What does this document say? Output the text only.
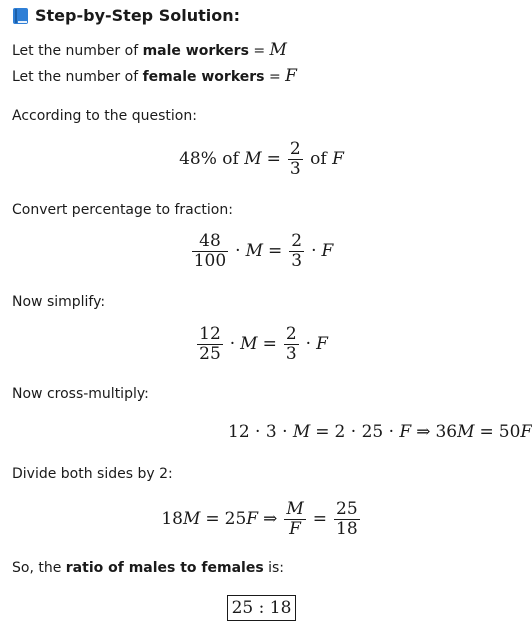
Step-by-Step Solution:
Let the number of male workers = M
Let the number of female workers = F
According to the question:
48% of $M = \frac{2}{3}$ of F
Convert percentage to fraction:
$\frac{48}{100} \cdot M = \frac{2}{3} \cdot F$
Now simplify:
$\frac{12}{25} \cdot M = \frac{2}{3} \cdot F$
Now cross-multiply:
12 · 3 · M = 2 · 25 · F ⇒ 36M = 50F
Divide both sides by 2:
18M = 25F ⇒ $\frac{M}{F} = \frac{25}{18}$
So, the ratio of males to females is:
25 : 18
